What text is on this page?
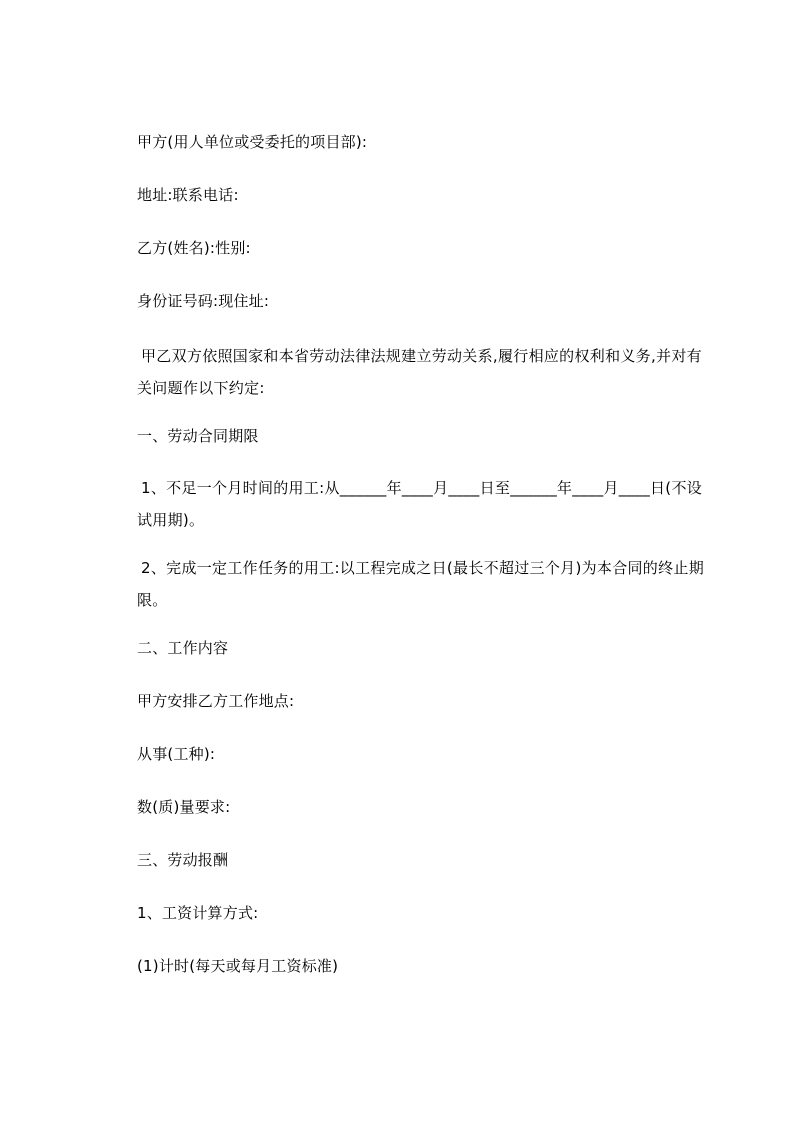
甲方(用人单位或受委托的项目部):
地址:联系电话:
乙方(姓名):性别:
身份证号码:现住址:
甲乙双方依照国家和本省劳动法律法规建立劳动关系,履行相应的权利和义务,并对有关问题作以下约定:
一、劳动合同期限
1、不足一个月时间的用工:从______年____月____日至______年____月____日(不设试用期)。
2、完成一定工作任务的用工:以工程完成之日(最长不超过三个月)为本合同的终止期限。
二、工作内容
甲方安排乙方工作地点:
从事(工种):
数(质)量要求:
三、劳动报酬
1、工资计算方式:
(1)计时(每天或每月工资标准)
